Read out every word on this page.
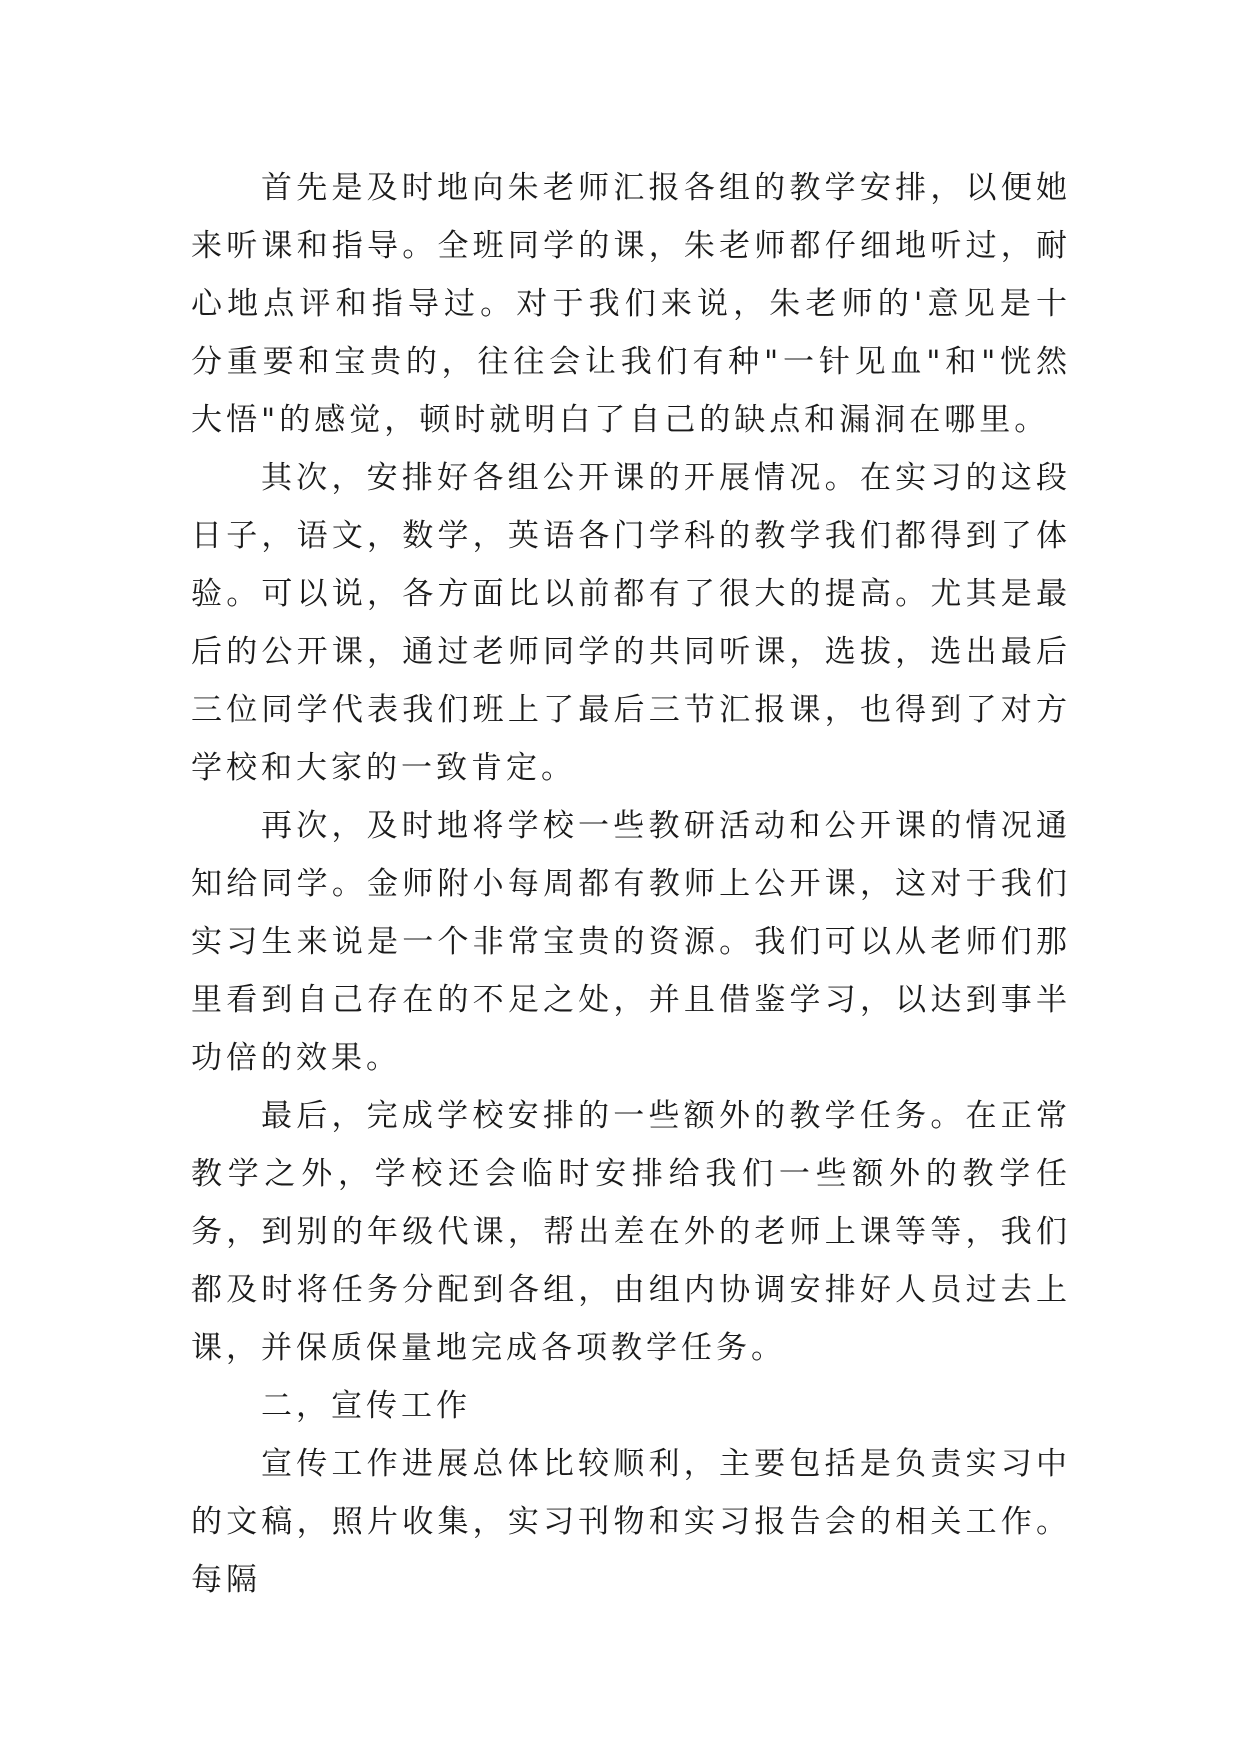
首先是及时地向朱老师汇报各组的教学安排，以便她来听课和指导。全班同学的课，朱老师都仔细地听过，耐心地点评和指导过。对于我们来说，朱老师的'意见是十分重要和宝贵的，往往会让我们有种"一针见血"和"恍然大悟"的感觉，顿时就明白了自己的缺点和漏洞在哪里。

其次，安排好各组公开课的开展情况。在实习的这段日子，语文，数学，英语各门学科的教学我们都得到了体验。可以说，各方面比以前都有了很大的提高。尤其是最后的公开课，通过老师同学的共同听课，选拔，选出最后三位同学代表我们班上了最后三节汇报课，也得到了对方学校和大家的一致肯定。

再次，及时地将学校一些教研活动和公开课的情况通知给同学。金师附小每周都有教师上公开课，这对于我们实习生来说是一个非常宝贵的资源。我们可以从老师们那里看到自己存在的不足之处，并且借鉴学习，以达到事半功倍的效果。

最后，完成学校安排的一些额外的教学任务。在正常教学之外，学校还会临时安排给我们一些额外的教学任务，到别的年级代课，帮出差在外的老师上课等等，我们都及时将任务分配到各组，由组内协调安排好人员过去上课，并保质保量地完成各项教学任务。

二，宣传工作

宣传工作进展总体比较顺利，主要包括是负责实习中的文稿，照片收集，实习刊物和实习报告会的相关工作。每隔
